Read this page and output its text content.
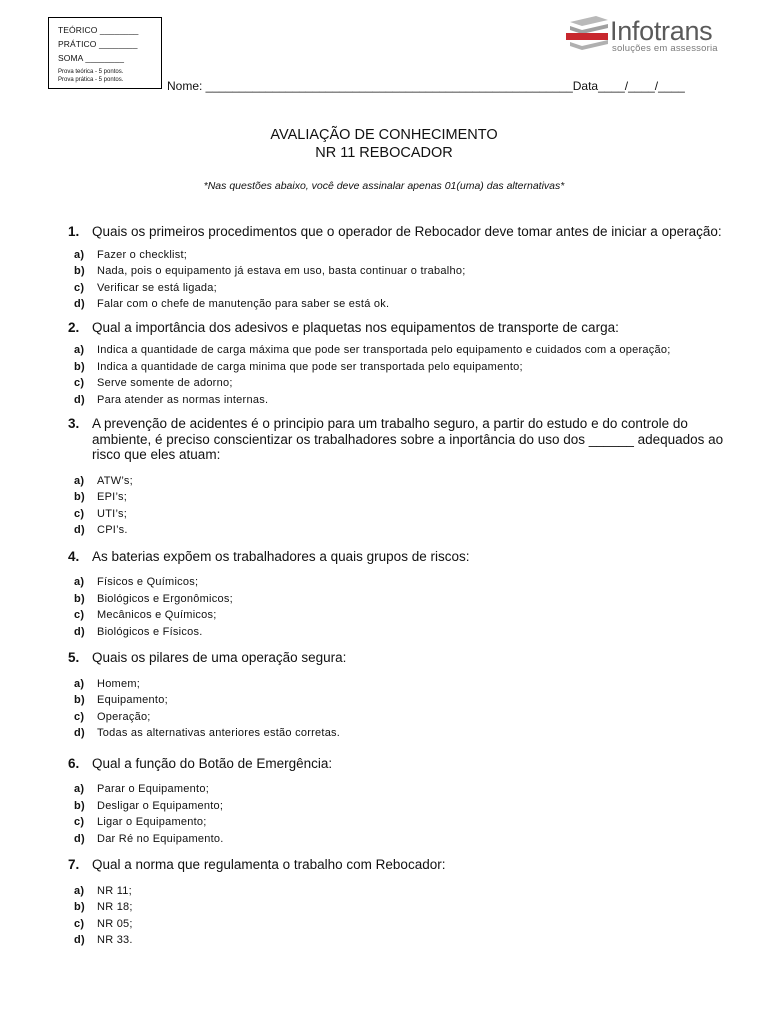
TEÓRICO ________
PRÁTICO ________
SOMA ________
Prova teórica - 5 pontos.
Prova prática - 5 pontos.
Infotrans
soluções em assessoria
Nome: _______________________________________________________Data____/____/____
AVALIAÇÃO DE CONHECIMENTO
NR 11 REBOCADOR
*Nas questões abaixo, você deve assinalar apenas 01(uma) das alternativas*
1. Quais os primeiros procedimentos que o operador de Rebocador deve tomar antes de iniciar a operação:
a)	Fazer o checklist;
b)	Nada, pois o equipamento já estava em uso, basta continuar o trabalho;
c)	Verificar se está ligada;
d)	Falar com o chefe de manutenção para saber se está ok.
2. Qual a importância dos adesivos e plaquetas nos equipamentos de transporte de carga:
a)	Indica a quantidade de carga máxima que pode ser transportada pelo equipamento e cuidados com a operação;
b)	Indica a quantidade de carga minima que pode ser transportada pelo equipamento;
c)	Serve somente de adorno;
d)	Para atender as normas internas.
3. A prevenção de acidentes é o principio para um trabalho seguro, a partir do estudo e do controle do ambiente, é preciso conscientizar os trabalhadores sobre a inportância do uso dos ______ adequados ao risco que eles atuam:
a)	ATW’s;
b)	EPI’s;
c)	UTI’s;
d)	CPI’s.
4. As baterias expõem os trabalhadores a quais grupos de riscos:
a)	Físicos e Químicos;
b)	Biológicos e Ergonômicos;
c)	Mecânicos e Químicos;
d)	Biológicos e Físicos.
5. Quais os pilares de uma operação segura:
a)	Homem;
b)	Equipamento;
c)	Operação;
d)	Todas as alternativas anteriores estão corretas.
6. Qual a função do Botão de Emergência:
a)	Parar o Equipamento;
b)	Desligar o Equipamento;
c)	Ligar o Equipamento;
d)	Dar Ré no Equipamento.
7. Qual a norma que regulamenta o trabalho com Rebocador:
a)	NR 11;
b)	NR 18;
c)	NR 05;
d)	NR 33.
